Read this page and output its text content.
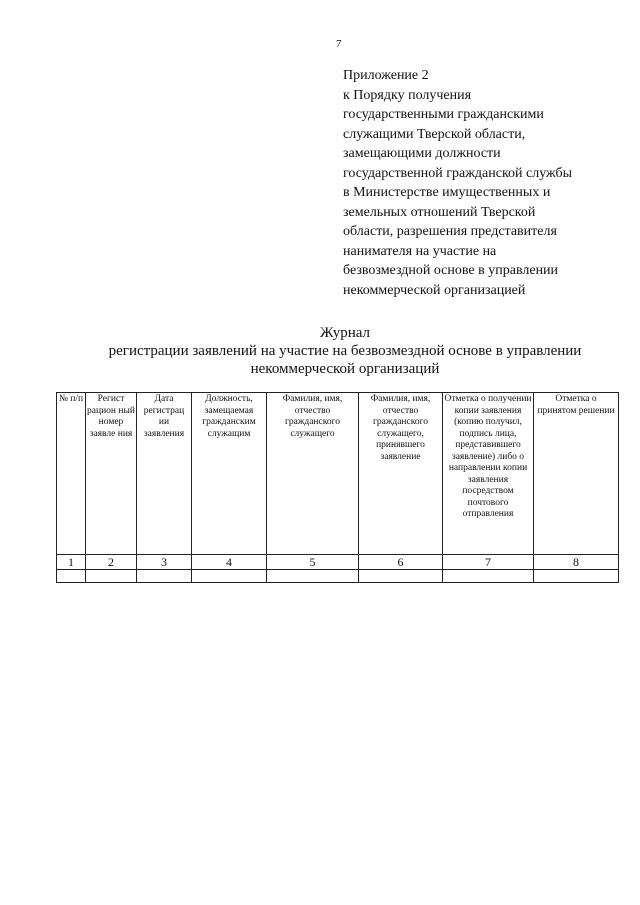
7
Приложение 2
к Порядку получения
государственными гражданскими
служащими Тверской области,
замещающими должности
государственной гражданской службы
в Министерстве имущественных и
земельных отношений Тверской
области, разрешения представителя
нанимателя на участие на
безвозмездной основе в управлении
некоммерческой организацией
Журнал
регистрации заявлений на участие на безвозмездной основе в управлении
некоммерческой организаций
№ п/п	Регист рацион ный номер заявле ния	Дата регистрац ии заявления	Должность, замещаемая гражданским служащим	Фамилия, имя, отчество гражданского служащего	Фамилия, имя, отчество гражданского служащего, принявшего заявление	Отметка о получении копии заявления (копию получил, подпись лица, представившего заявление) либо о направлении копии заявления посредством почтового отправления	Отметка о принятом решении
1	2	3	4	5	6	7	8
